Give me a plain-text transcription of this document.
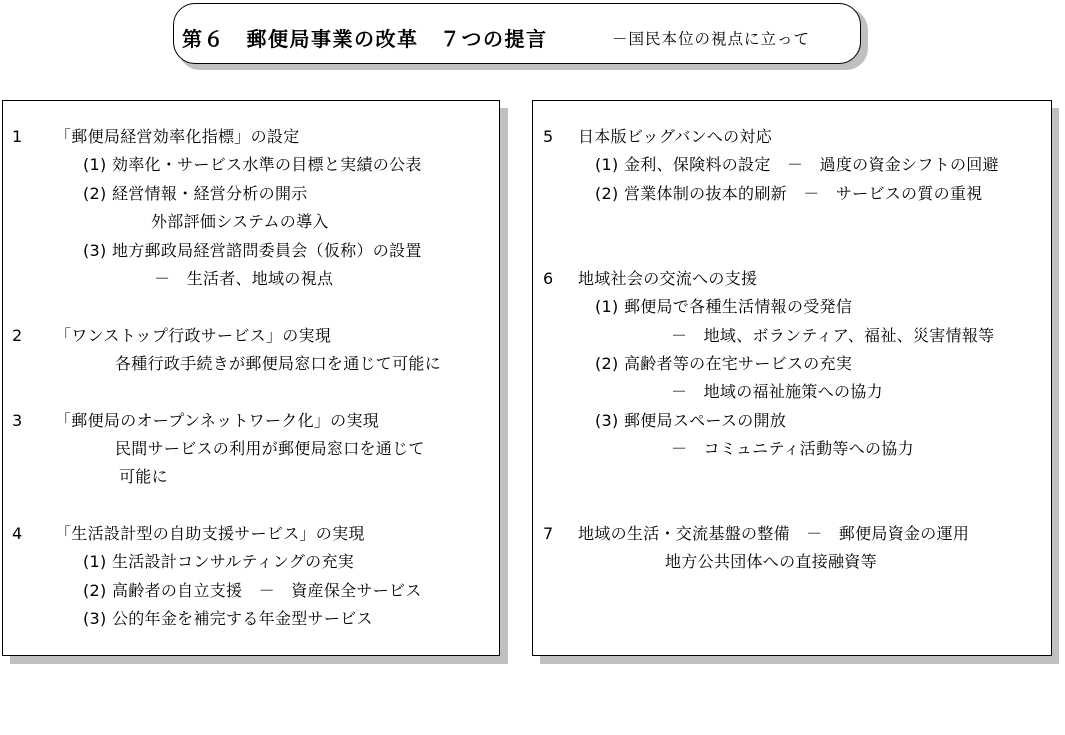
第６　郵便局事業の改革　７つの提言	－国民本位の視点に立って
1 「郵便局経営効率化指標」の設定
(1) 効率化・サービス水準の目標と実績の公表
(2) 経営情報・経営分析の開示
外部評価システムの導入
(3) 地方郵政局経営諮問委員会（仮称）の設置
－　生活者、地域の視点
2 「ワンストップ行政サービス」の実現
各種行政手続きが郵便局窓口を通じて可能に
3 「郵便局のオープンネットワーク化」の実現
民間サービスの利用が郵便局窓口を通じて
可能に
4 「生活設計型の自助支援サービス」の実現
(1) 生活設計コンサルティングの充実
(2) 高齢者の自立支援　－　資産保全サービス
(3) 公的年金を補完する年金型サービス
5 日本版ビッグバンへの対応
(1) 金利、保険料の設定　－　過度の資金シフトの回避
(2) 営業体制の抜本的刷新　－　サービスの質の重視
6 地域社会の交流への支援
(1) 郵便局で各種生活情報の受発信
－　地域、ボランティア、福祉、災害情報等
(2) 高齢者等の在宅サービスの充実
－　地域の福祉施策への協力
(3) 郵便局スペースの開放
－　コミュニティ活動等への協力
7 地域の生活・交流基盤の整備　－　郵便局資金の運用
地方公共団体への直接融資等
